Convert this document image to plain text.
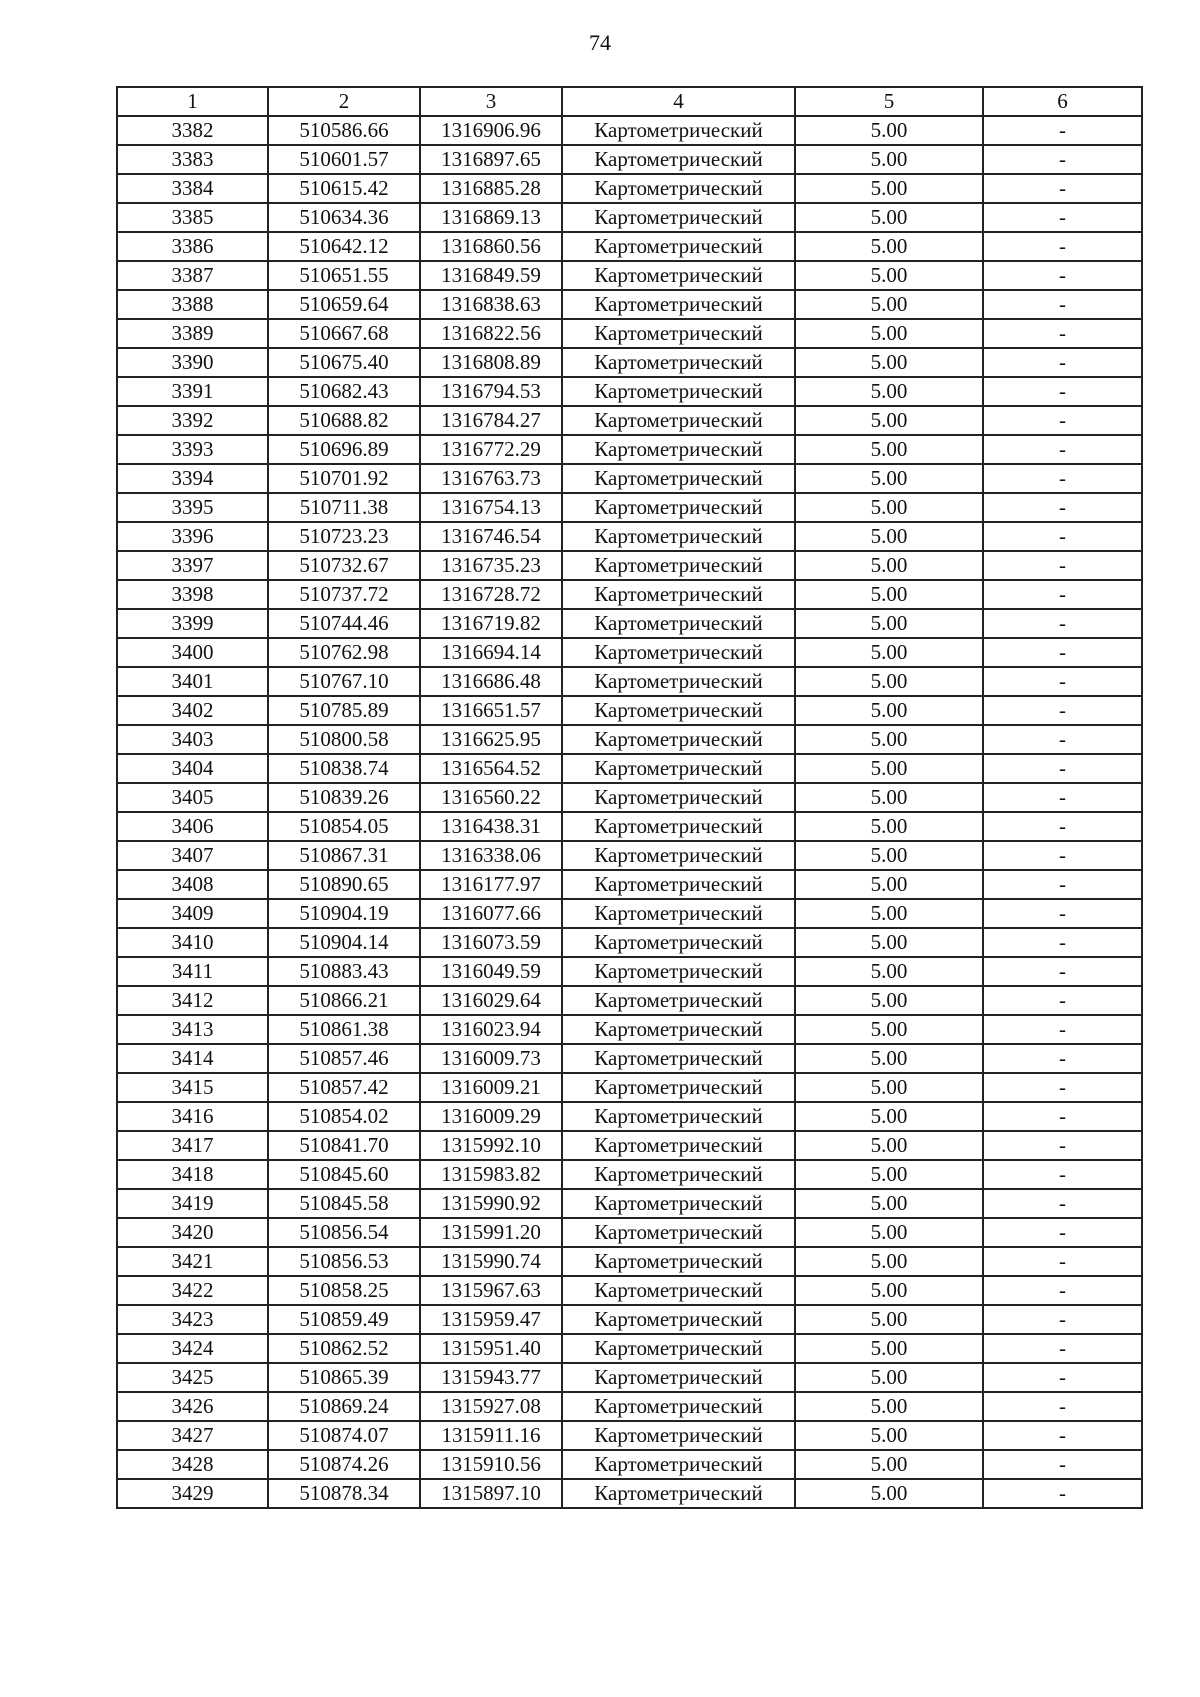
74
1	2	3	4	5	6
3382	510586.66	1316906.96	Картометрический	5.00	-
3383	510601.57	1316897.65	Картометрический	5.00	-
3384	510615.42	1316885.28	Картометрический	5.00	-
3385	510634.36	1316869.13	Картометрический	5.00	-
3386	510642.12	1316860.56	Картометрический	5.00	-
3387	510651.55	1316849.59	Картометрический	5.00	-
3388	510659.64	1316838.63	Картометрический	5.00	-
3389	510667.68	1316822.56	Картометрический	5.00	-
3390	510675.40	1316808.89	Картометрический	5.00	-
3391	510682.43	1316794.53	Картометрический	5.00	-
3392	510688.82	1316784.27	Картометрический	5.00	-
3393	510696.89	1316772.29	Картометрический	5.00	-
3394	510701.92	1316763.73	Картометрический	5.00	-
3395	510711.38	1316754.13	Картометрический	5.00	-
3396	510723.23	1316746.54	Картометрический	5.00	-
3397	510732.67	1316735.23	Картометрический	5.00	-
3398	510737.72	1316728.72	Картометрический	5.00	-
3399	510744.46	1316719.82	Картометрический	5.00	-
3400	510762.98	1316694.14	Картометрический	5.00	-
3401	510767.10	1316686.48	Картометрический	5.00	-
3402	510785.89	1316651.57	Картометрический	5.00	-
3403	510800.58	1316625.95	Картометрический	5.00	-
3404	510838.74	1316564.52	Картометрический	5.00	-
3405	510839.26	1316560.22	Картометрический	5.00	-
3406	510854.05	1316438.31	Картометрический	5.00	-
3407	510867.31	1316338.06	Картометрический	5.00	-
3408	510890.65	1316177.97	Картометрический	5.00	-
3409	510904.19	1316077.66	Картометрический	5.00	-
3410	510904.14	1316073.59	Картометрический	5.00	-
3411	510883.43	1316049.59	Картометрический	5.00	-
3412	510866.21	1316029.64	Картометрический	5.00	-
3413	510861.38	1316023.94	Картометрический	5.00	-
3414	510857.46	1316009.73	Картометрический	5.00	-
3415	510857.42	1316009.21	Картометрический	5.00	-
3416	510854.02	1316009.29	Картометрический	5.00	-
3417	510841.70	1315992.10	Картометрический	5.00	-
3418	510845.60	1315983.82	Картометрический	5.00	-
3419	510845.58	1315990.92	Картометрический	5.00	-
3420	510856.54	1315991.20	Картометрический	5.00	-
3421	510856.53	1315990.74	Картометрический	5.00	-
3422	510858.25	1315967.63	Картометрический	5.00	-
3423	510859.49	1315959.47	Картометрический	5.00	-
3424	510862.52	1315951.40	Картометрический	5.00	-
3425	510865.39	1315943.77	Картометрический	5.00	-
3426	510869.24	1315927.08	Картометрический	5.00	-
3427	510874.07	1315911.16	Картометрический	5.00	-
3428	510874.26	1315910.56	Картометрический	5.00	-
3429	510878.34	1315897.10	Картометрический	5.00	-
